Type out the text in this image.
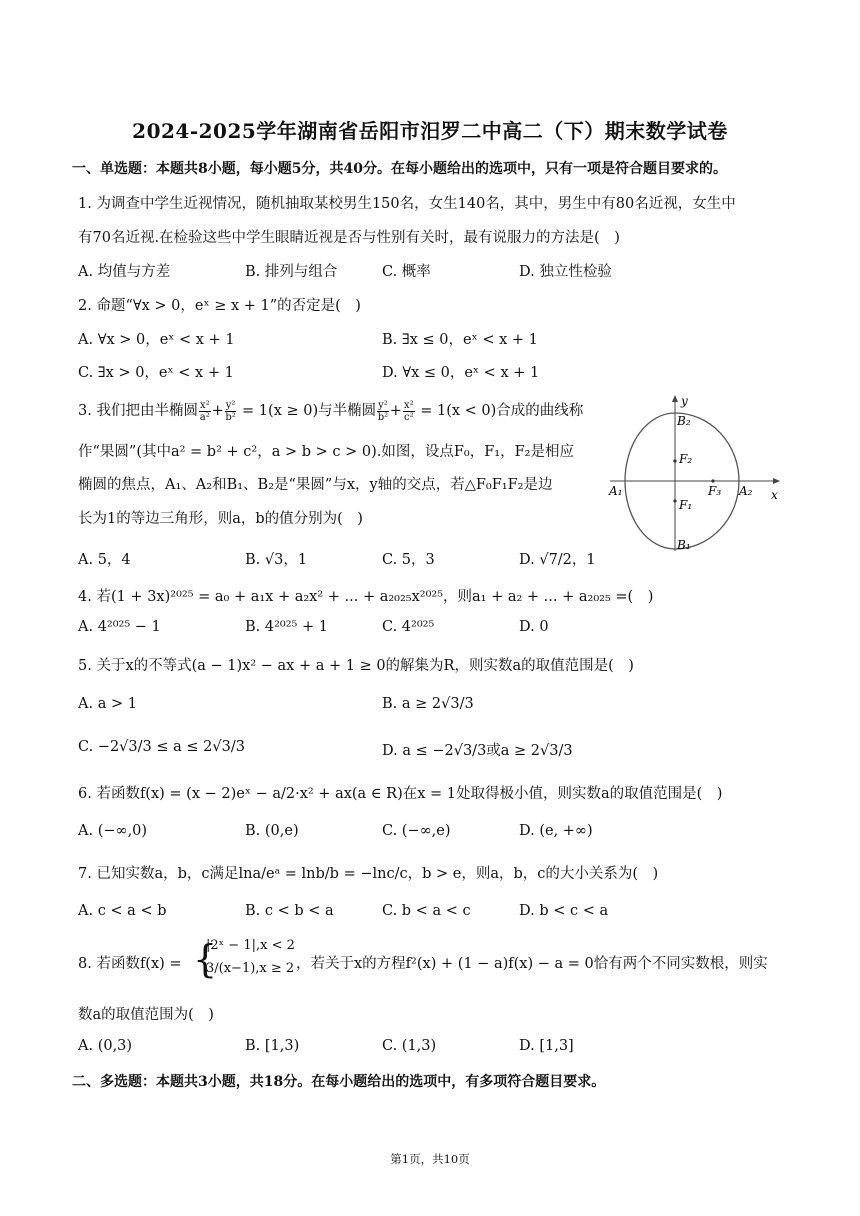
2024-2025学年湖南省岳阳市汨罗二中高二（下）期末数学试卷
一、单选题：本题共8小题，每小题5分，共40分。在每小题给出的选项中，只有一项是符合题目要求的。
1. 为调查中学生近视情况，随机抽取某校男生150名，女生140名，其中，男生中有80名近视，女生中
有70名近视.在检验这些中学生眼睛近视是否与性别有关时，最有说服力的方法是(　)
A. 均值与方差	B. 排列与组合	C. 概率	D. 独立性检验
2. 命题“∀x > 0，eˣ ≥ x + 1”的否定是(　)
A. ∀x > 0，eˣ < x + 1	B. ∃x ≤ 0，eˣ < x + 1
C. ∃x > 0，eˣ < x + 1	D. ∀x ≤ 0，eˣ < x + 1
3. 我们把由半椭圆 $\frac{\text{x²}}{\text{a²}} + \frac{\text{y²}}{\text{b²}} = 1(x \ge 0)$与半椭圆 $\frac{\text{y²}}{\text{b²}} + \frac{\text{x²}}{\text{c²}} = 1(x < 0)$合成的曲线称
作“果圆”(其中a² = b² + c²，a > b > c > 0).如图，设点F₀，F₁，F₂是相应
椭圆的焦点，A₁、A₂和B₁、B₂是“果圆”与x，y轴的交点，若△F₀F₁F₂是边
长为1的等边三角形，则a，b的值分别为(　)
A. 5，4	B. √3，1	C. 5，3	D. √7/2，1
y
x
B₂
B₁
F₂
F₁
F₃
A₁	A₂
4. 若(1 + 3x)²⁰²⁵ = a₀ + a₁x + a₂x² + ... + a₂₀₂₅x²⁰²⁵，则a₁ + a₂ + ... + a₂₀₂₅ =(　)
A. 4²⁰²⁵ − 1	B. 4²⁰²⁵ + 1	C. 4²⁰²⁵	D. 0
5. 关于x的不等式(a − 1)x² − ax + a + 1 ≥ 0的解集为R，则实数a的取值范围是(　)
A. a > 1	B. a ≥ 2√3/3
C. −2√3/3 ≤ a ≤ 2√3/3	D. a ≤ −2√3/3或a ≥ 2√3/3
6. 若函数f(x) = (x − 2)eˣ − a/2·x² + ax(a ∈ R)在x = 1处取得极小值，则实数a的取值范围是(　)
A. (−∞,0)	B. (0,e)	C. (−∞,e)	D. (e, +∞)
7. 已知实数a，b，c满足lna/eᵃ = lnb/b = −lnc/c，b > e，则a，b，c的大小关系为(　)
A. c < a < b	B. c < b < a	C. b < a < c	D. b < c < a
8. 若函数f(x) = {
|2ˣ − 1|,x < 2
3/(x−1),x ≥ 2 ，若关于x的方程f²(x) + (1 − a)f(x) − a = 0恰有两个不同实数根，则实
数a的取值范围为(　)
A. (0,3)	B. [1,3)	C. (1,3)	D. [1,3]
二、多选题：本题共3小题，共18分。在每小题给出的选项中，有多项符合题目要求。
第1页，共10页
